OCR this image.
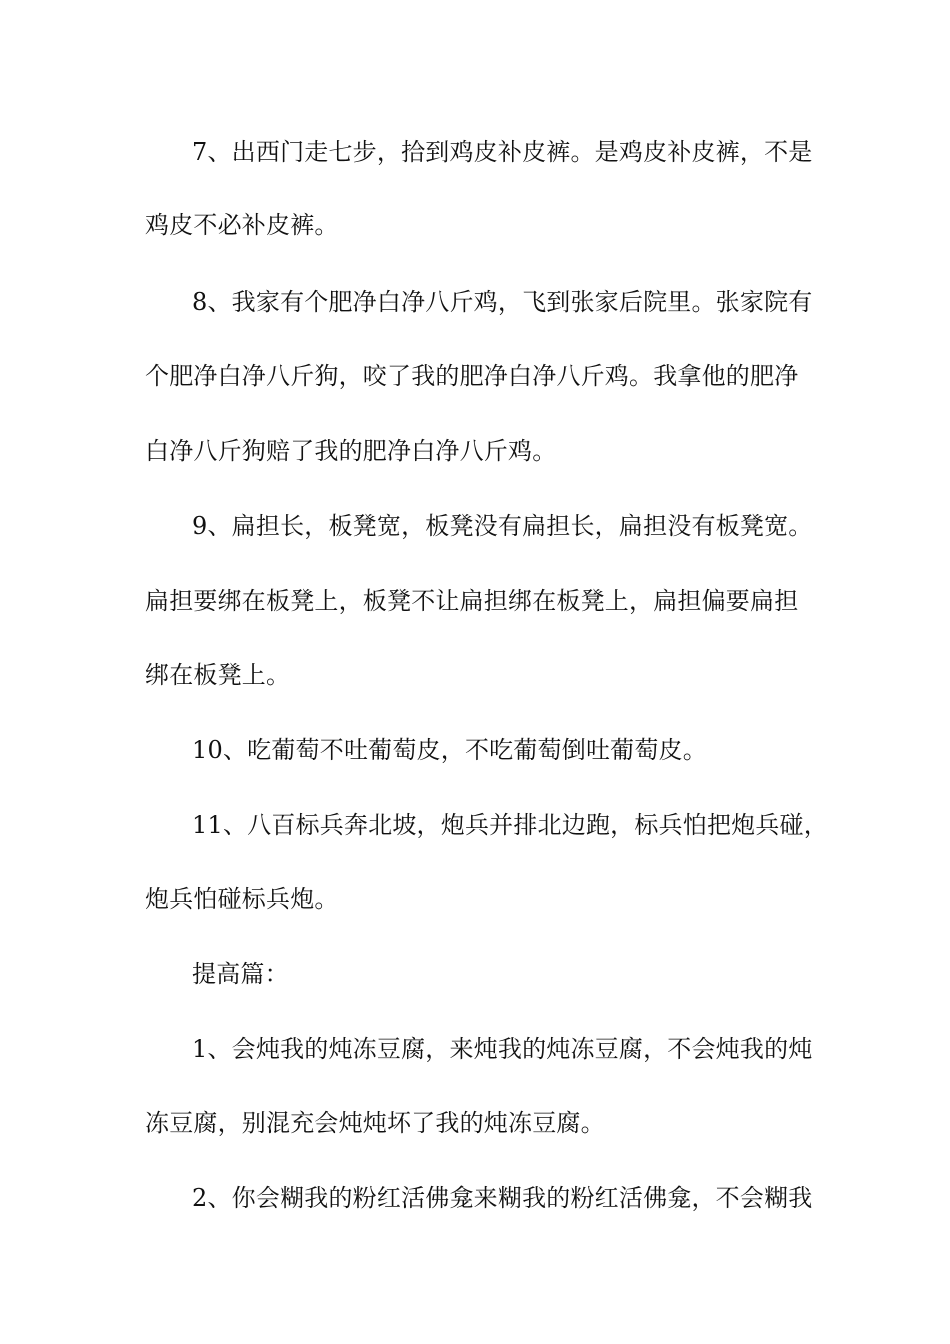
7、出西门走七步，拾到鸡皮补皮裤。是鸡皮补皮裤，不是

鸡皮不必补皮裤。

8、我家有个肥净白净八斤鸡，飞到张家后院里。张家院有

个肥净白净八斤狗，咬了我的肥净白净八斤鸡。我拿他的肥净

白净八斤狗赔了我的肥净白净八斤鸡。

9、扁担长，板凳宽，板凳没有扁担长，扁担没有板凳宽。

扁担要绑在板凳上，板凳不让扁担绑在板凳上，扁担偏要扁担

绑在板凳上。

10、吃葡萄不吐葡萄皮，不吃葡萄倒吐葡萄皮。

11、八百标兵奔北坡，炮兵并排北边跑，标兵怕把炮兵碰，

炮兵怕碰标兵炮。

提高篇：

1、会炖我的炖冻豆腐，来炖我的炖冻豆腐，不会炖我的炖

冻豆腐，别混充会炖炖坏了我的炖冻豆腐。

2、你会糊我的粉红活佛龛来糊我的粉红活佛龛，不会糊我
